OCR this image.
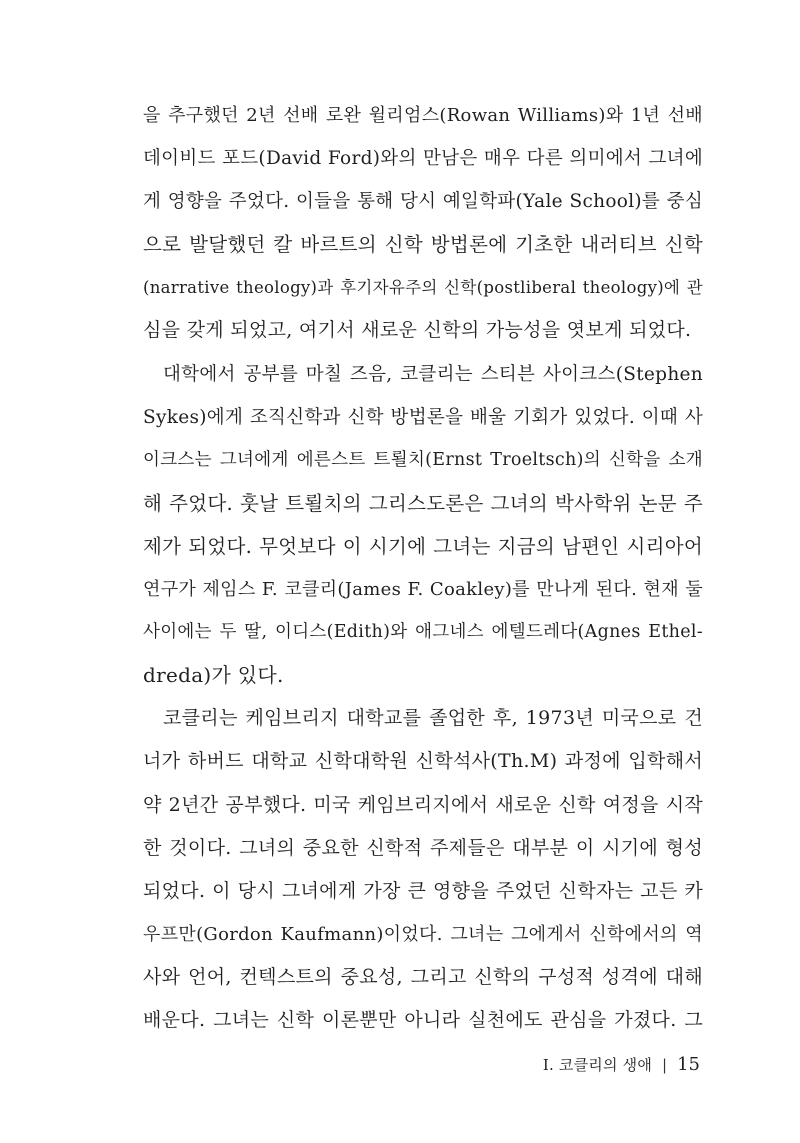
을 추구했던 2년 선배 로완 윌리엄스(Rowan Williams)와 1년 선배
데이비드 포드(David Ford)와의 만남은 매우 다른 의미에서 그녀에
게 영향을 주었다. 이들을 통해 당시 예일학파(Yale School)를 중심
으로 발달했던 칼 바르트의 신학 방법론에 기초한 내러티브 신학
(narrative theology)과 후기자유주의 신학(postliberal theology)에 관
심을 갖게 되었고, 여기서 새로운 신학의 가능성을 엿보게 되었다.
대학에서 공부를 마칠 즈음, 코클리는 스티븐 사이크스(Stephen
Sykes)에게 조직신학과 신학 방법론을 배울 기회가 있었다. 이때 사
이크스는 그녀에게 에른스트 트뢸치(Ernst Troeltsch)의 신학을 소개
해 주었다. 훗날 트뢸치의 그리스도론은 그녀의 박사학위 논문 주
제가 되었다. 무엇보다 이 시기에 그녀는 지금의 남편인 시리아어
연구가 제임스 F. 코클리(James F. Coakley)를 만나게 된다. 현재 둘
사이에는 두 딸, 이디스(Edith)와 애그네스 에텔드레다(Agnes Ethel-
dreda)가 있다.
코클리는 케임브리지 대학교를 졸업한 후, 1973년 미국으로 건
너가 하버드 대학교 신학대학원 신학석사(Th.M) 과정에 입학해서
약 2년간 공부했다. 미국 케임브리지에서 새로운 신학 여정을 시작
한 것이다. 그녀의 중요한 신학적 주제들은 대부분 이 시기에 형성
되었다. 이 당시 그녀에게 가장 큰 영향을 주었던 신학자는 고든 카
우프만(Gordon Kaufmann)이었다. 그녀는 그에게서 신학에서의 역
사와 언어, 컨텍스트의 중요성, 그리고 신학의 구성적 성격에 대해
배운다. 그녀는 신학 이론뿐만 아니라 실천에도 관심을 가졌다. 그
I. 코클리의 생애 | 15
